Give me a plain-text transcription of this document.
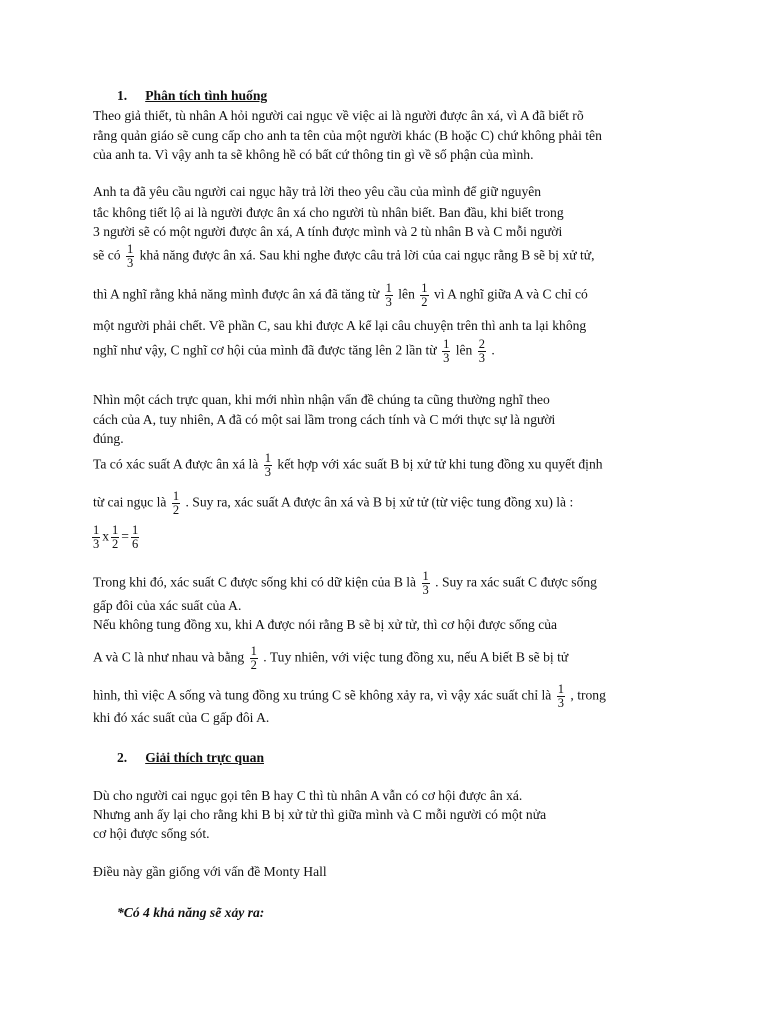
1. Phân tích tình huống
Theo giả thiết, tù nhân A hỏi người cai ngục về việc ai là người được ân xá, vì A đã biết rõ
rằng quản giáo sẽ cung cấp cho anh ta tên của một người khác (B hoặc C) chứ không phải tên
của anh ta. Vì vậy anh ta sẽ không hề có bất cứ thông tin gì về số phận của mình.
Anh ta đã yêu cầu người cai ngục hãy trả lời theo yêu cầu của mình để giữ nguyên
tắc không tiết lộ ai là người được ân xá cho người tù nhân biết. Ban đầu, khi biết trong
3 người sẽ có một người được ân xá, A tính được mình và 2 tù nhân B và C mỗi người
sẽ có $\frac{1}{3}$ khả năng được ân xá. Sau khi nghe được câu trả lời của cai ngục rằng B sẽ bị xử tử,
thì A nghĩ rằng khả năng mình được ân xá đã tăng từ $\frac{1}{3}$ lên $\frac{1}{2}$ vì A nghĩ giữa A và C chỉ có
một người phải chết. Về phần C, sau khi được A kể lại câu chuyện trên thì anh ta lại không
nghĩ như vậy, C nghĩ cơ hội của mình đã được tăng lên 2 lần từ $\frac{1}{3}$ lên $\frac{2}{3}$ .
Nhìn một cách trực quan, khi mới nhìn nhận vấn đề chúng ta cũng thường nghĩ theo
cách của A, tuy nhiên, A đã có một sai lầm trong cách tính và C mới thực sự là người
đúng.
Ta có xác suất A được ân xá là $\frac{1}{3}$ kết hợp với xác suất B bị xử tử khi tung đồng xu quyết định
từ cai ngục là $\frac{1}{2}$ . Suy ra, xác suất A được ân xá và B bị xử tử (từ việc tung đồng xu) là :
$\frac{1}{3}$ x $\frac{1}{2} = \frac{1}{6}$
Trong khi đó, xác suất C được sống khi có dữ kiện của B là $\frac{1}{3}$ . Suy ra xác suất C được sống
gấp đôi của xác suất của A.
Nếu không tung đồng xu, khi A được nói rằng B sẽ bị xử tử, thì cơ hội được sống của
A và C là như nhau và bằng $\frac{1}{2}$ . Tuy nhiên, với việc tung đồng xu, nếu A biết B sẽ bị tử
hình, thì việc A sống và tung đồng xu trúng C sẽ không xảy ra, vì vậy xác suất chỉ là $\frac{1}{3}$ , trong
khi đó xác suất của C gấp đôi A.
2. Giải thích trực quan
Dù cho người cai ngục gọi tên B hay C thì tù nhân A vẫn có cơ hội được ân xá.
Nhưng anh ấy lại cho rằng khi B bị xử tử thì giữa mình và C mỗi người có một nửa
cơ hội được sống sót.
Điều này gần giống với vấn đề Monty Hall
*Có 4 khả năng sẽ xảy ra:
